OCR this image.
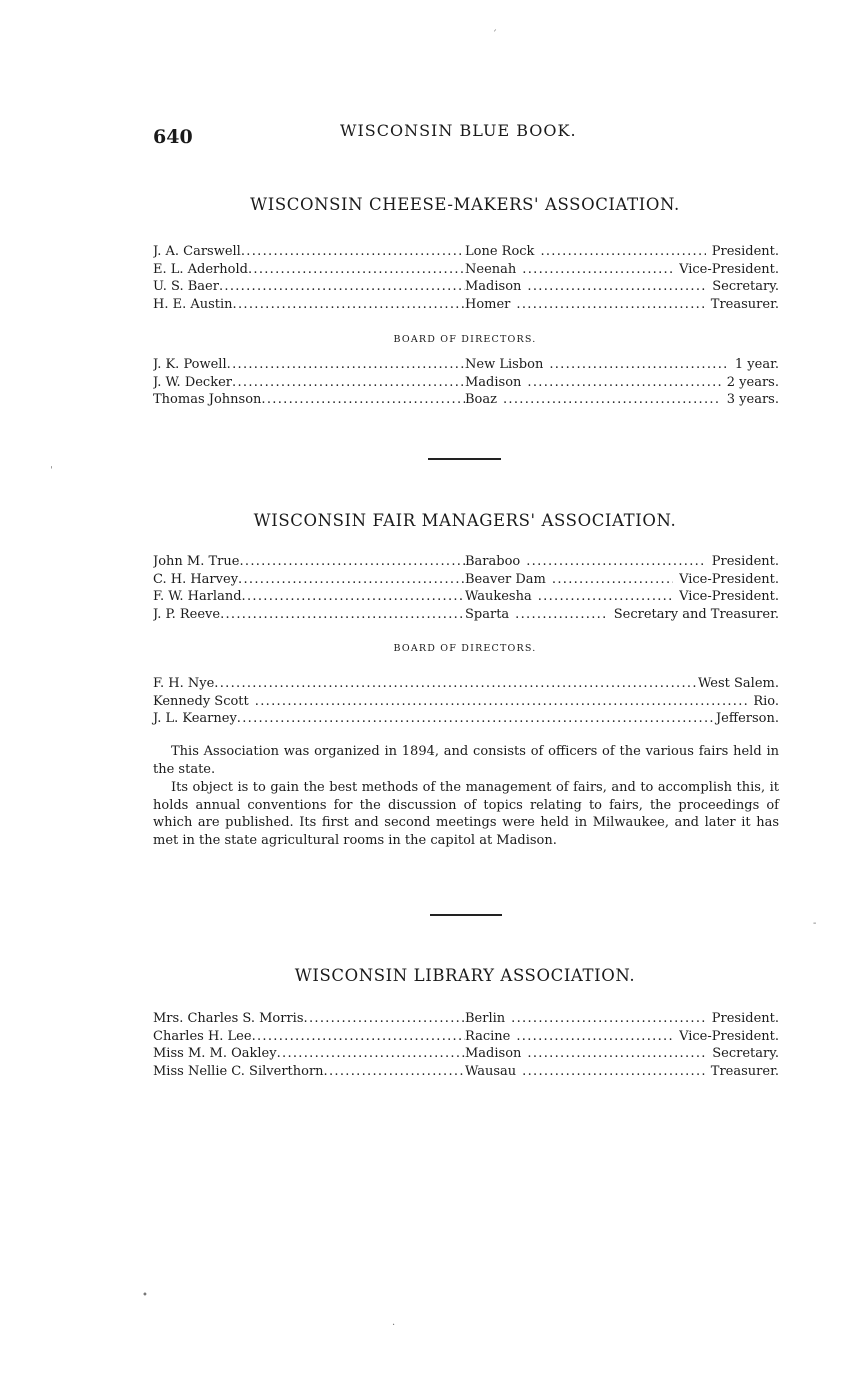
640	WISCONSIN BLUE BOOK.
WISCONSIN CHEESE-MAKERS' ASSOCIATION.
J. A. Carswell .....	Lone Rock .....	President.
E. L. Aderhold .....	Neenah .....	Vice-President.
U. S. Baer .....	Madison .....	Secretary.
H. E. Austin .....	Homer .....	Treasurer.
BOARD OF DIRECTORS.
J. K. Powell .....	New Lisbon .....	1 year.
J. W. Decker .....	Madison .....	2 years.
Thomas Johnson .....	Boaz .....	3 years.
WISCONSIN FAIR MANAGERS' ASSOCIATION.
John M. True .....	Baraboo .....	President.
C. H. Harvey .....	Beaver Dam .....	Vice-President.
F. W. Harland .....	Waukesha .....	Vice-President.
J. P. Reeve .....	Sparta .....	Secretary and Treasurer.
BOARD OF DIRECTORS.
F. H. Nye .....	West Salem.
Kennedy Scott .....	Rio.
J. L. Kearney .....	Jefferson.

This Association was organized in 1894, and consists of officers of the various fairs held in the state.

Its object is to gain the best methods of the management of fairs, and to accomplish this, it holds annual conventions for the discussion of topics relating to fairs, the proceedings of which are published. Its first and second meetings were held in Milwaukee, and later it has met in the state agricultural rooms in the capitol at Madison.

WISCONSIN LIBRARY ASSOCIATION.
Mrs. Charles S. Morris .....	Berlin .....	President.
Charles H. Lee .....	Racine .....	Vice-President.
Miss M. M. Oakley .....	Madison .....	Secretary.
Miss Nellie C. Silverthorn .....	Wausau .....	Treasurer.
ˊ
ˈ
-
•
·
